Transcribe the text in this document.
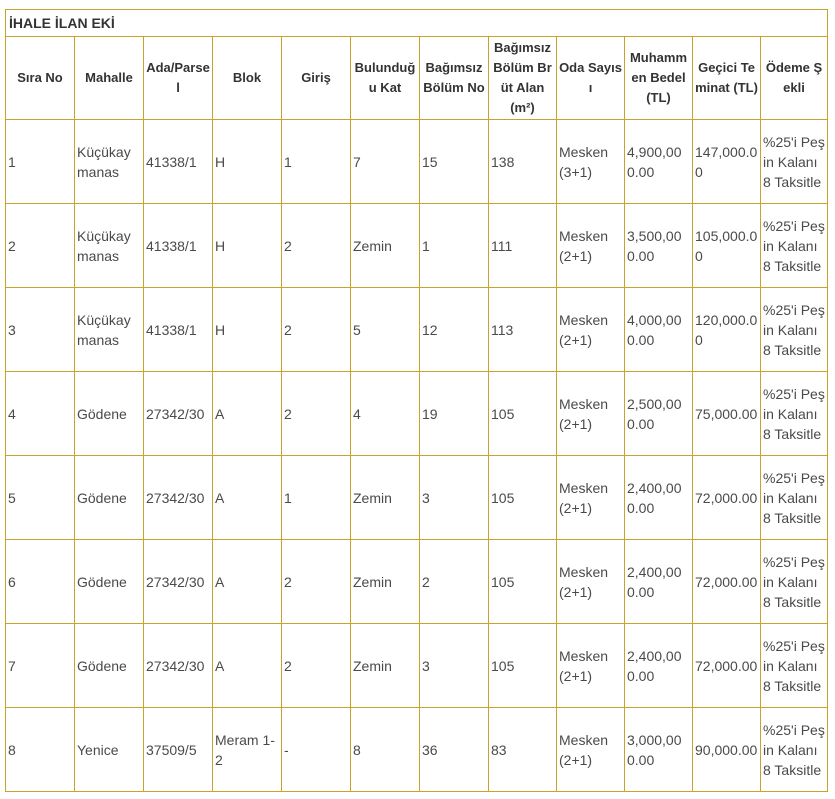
İHALE İLAN EKİ											
Sıra No	Mahalle	Ada/Parsel	Blok	Giriş	Bulunduğu Kat	Bağımsız Bölüm No	Bağımsız Bölüm Brüt Alan (m²)	Oda Sayısı	Muhammen Bedel (TL)	Geçici Teminat (TL)	Ödeme Şekli
1	Küçükaymanas	41338/1	H	1	7	15	138	Mesken (3+1)	4,900,000.00	147,000.00	%25'i Peşin Kalanı 8 Taksitle
2	Küçükaymanas	41338/1	H	2	Zemin	1	111	Mesken (2+1)	3,500,000.00	105,000.00	%25'i Peşin Kalanı 8 Taksitle
3	Küçükaymanas	41338/1	H	2	5	12	113	Mesken (2+1)	4,000,000.00	120,000.00	%25'i Peşin Kalanı 8 Taksitle
4	Gödene	27342/30	A	2	4	19	105	Mesken (2+1)	2,500,000.00	75,000.00	%25'i Peşin Kalanı 8 Taksitle
5	Gödene	27342/30	A	1	Zemin	3	105	Mesken (2+1)	2,400,000.00	72,000.00	%25'i Peşin Kalanı 8 Taksitle
6	Gödene	27342/30	A	2	Zemin	2	105	Mesken (2+1)	2,400,000.00	72,000.00	%25'i Peşin Kalanı 8 Taksitle
7	Gödene	27342/30	A	2	Zemin	3	105	Mesken (2+1)	2,400,000.00	72,000.00	%25'i Peşin Kalanı 8 Taksitle
8	Yenice	37509/5	Meram 1-2	-	8	36	83	Mesken (2+1)	3,000,000.00	90,000.00	%25'i Peşin Kalanı 8 Taksitle
